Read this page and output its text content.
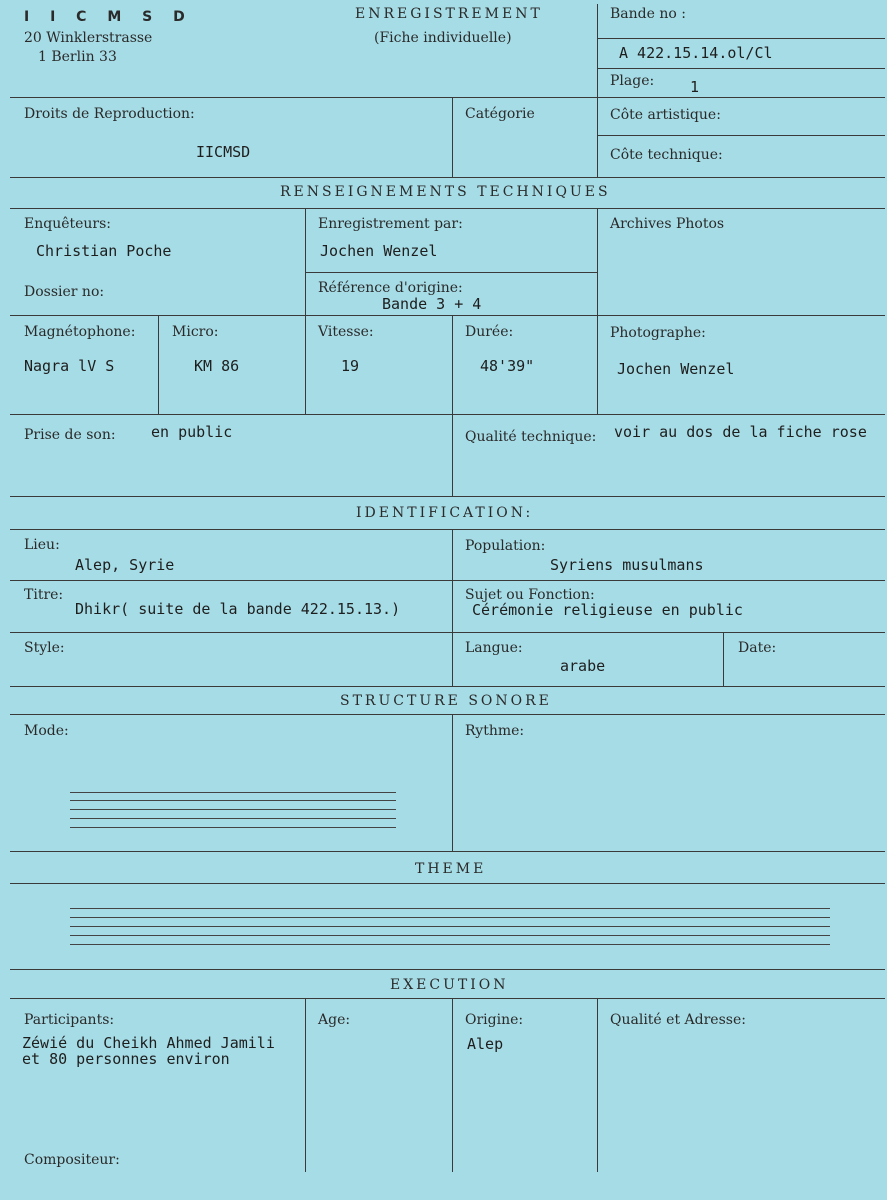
I I C M S D
20 Winklerstrasse
1 Berlin 33
ENREGISTREMENT
(Fiche individuelle)
Bande no :
A 422.15.14.ol/Cl
Plage: 1
Droits de Reproduction:
IICMSD
Catégorie	Côte artistique:
Côte technique:
RENSEIGNEMENTS TECHNIQUES
Enquêteurs:
Christian Poche
Enregistrement par:
Jochen Wenzel
Archives Photos
Dossier no:	Référence d'origine:
Bande 3 + 4
Magnétophone:
Nagra lV S
Micro:
KM 86
Vitesse:
19
Durée:
48'39"
Photographe:
Jochen Wenzel
Prise de son: en public	Qualité technique: voir au dos de la fiche rose
IDENTIFICATION:
Lieu:
Alep, Syrie
Population:
Syriens musulmans
Titre:
Dhikr( suite de la bande 422.15.13.)
Sujet ou Fonction:
Cérémonie religieuse en public
Style:	Langue:
arabe
Date:
STRUCTURE SONORE
Mode:	Rythme:
THEME
EXECUTION
Participants:
Zéwié du Cheikh Ahmed Jamili
et 80 personnes environ
Age:	Origine:
Alep
Qualité et Adresse:
Compositeur:
